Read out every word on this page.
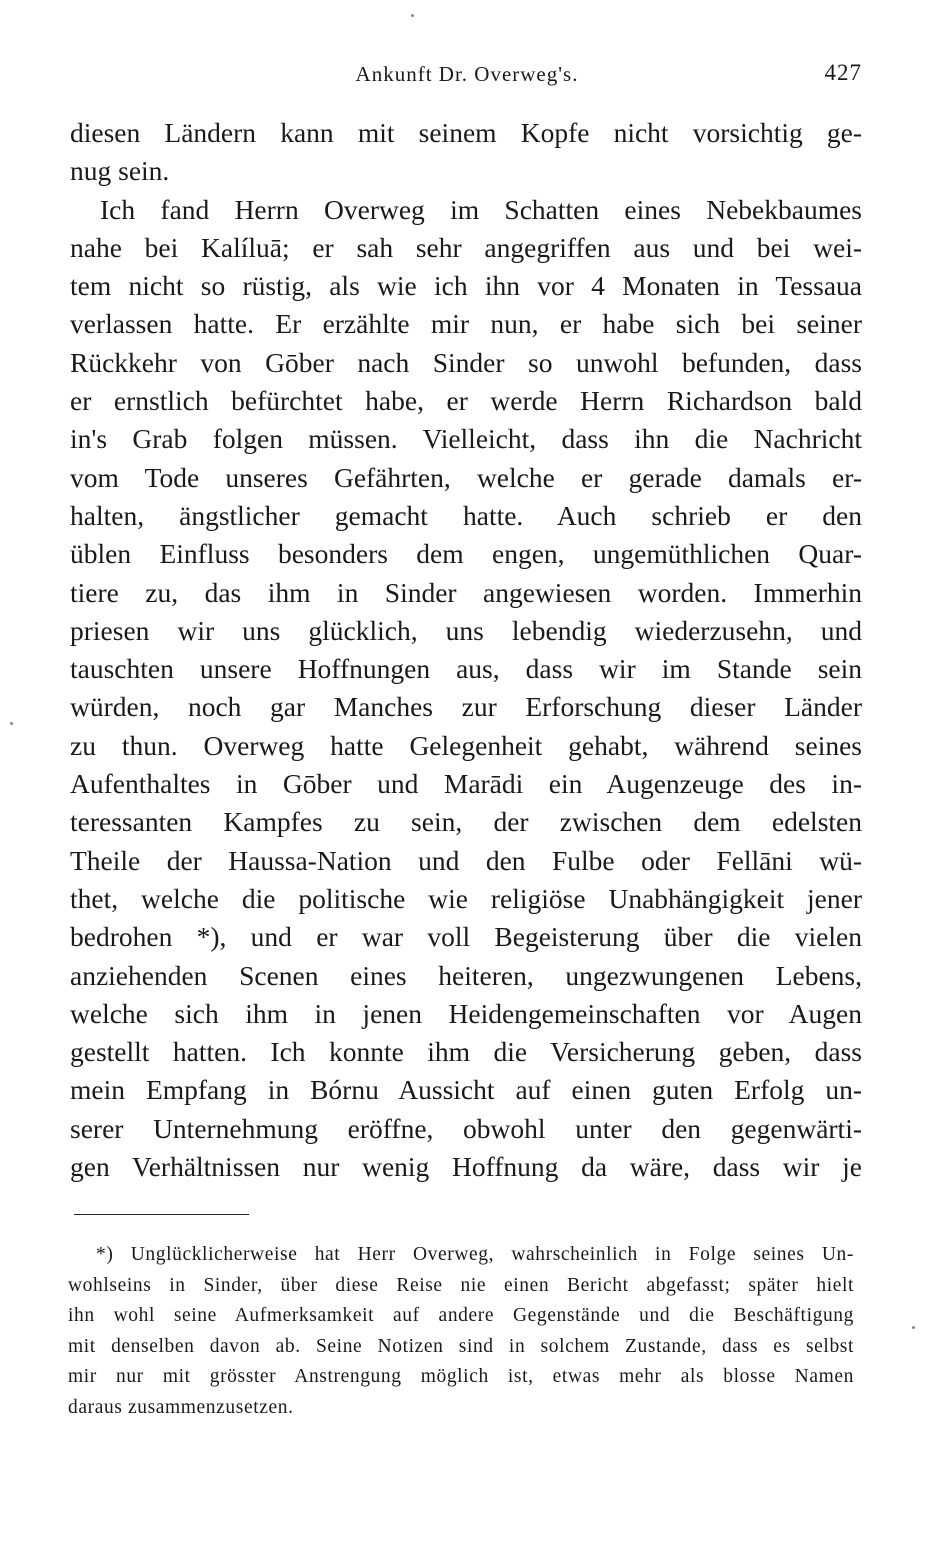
Ankunft Dr. Overweg's.	427
diesen Ländern kann mit seinem Kopfe nicht vorsichtig ge-
nug sein.
Ich fand Herrn Overweg im Schatten eines Nebekbaumes
nahe bei Kalíluā; er sah sehr angegriffen aus und bei wei-
tem nicht so rüstig, als wie ich ihn vor 4 Monaten in Tessaua
verlassen hatte. Er erzählte mir nun, er habe sich bei seiner
Rückkehr von Gōber nach Sinder so unwohl befunden, dass
er ernstlich befürchtet habe, er werde Herrn Richardson bald
in's Grab folgen müssen. Vielleicht, dass ihn die Nachricht
vom Tode unseres Gefährten, welche er gerade damals er-
halten, ängstlicher gemacht hatte. Auch schrieb er den
üblen Einfluss besonders dem engen, ungemüthlichen Quar-
tiere zu, das ihm in Sinder angewiesen worden. Immerhin
priesen wir uns glücklich, uns lebendig wiederzusehn, und
tauschten unsere Hoffnungen aus, dass wir im Stande sein
würden, noch gar Manches zur Erforschung dieser Länder
zu thun. Overweg hatte Gelegenheit gehabt, während seines
Aufenthaltes in Gōber und Marādi ein Augenzeuge des in-
teressanten Kampfes zu sein, der zwischen dem edelsten
Theile der Haussa-Nation und den Fulbe oder Fellāni wü-
thet, welche die politische wie religiöse Unabhängigkeit jener
bedrohen *), und er war voll Begeisterung über die vielen
anziehenden Scenen eines heiteren, ungezwungenen Lebens,
welche sich ihm in jenen Heidengemeinschaften vor Augen
gestellt hatten. Ich konnte ihm die Versicherung geben, dass
mein Empfang in Bórnu Aussicht auf einen guten Erfolg un-
serer Unternehmung eröffne, obwohl unter den gegenwärti-
gen Verhältnissen nur wenig Hoffnung da wäre, dass wir je
*) Unglücklicherweise hat Herr Overweg, wahrscheinlich in Folge seines Un-
wohlseins in Sinder, über diese Reise nie einen Bericht abgefasst; später hielt
ihn wohl seine Aufmerksamkeit auf andere Gegenstände und die Beschäftigung
mit denselben davon ab. Seine Notizen sind in solchem Zustande, dass es selbst
mir nur mit grösster Anstrengung möglich ist, etwas mehr als blosse Namen
daraus zusammenzusetzen.
